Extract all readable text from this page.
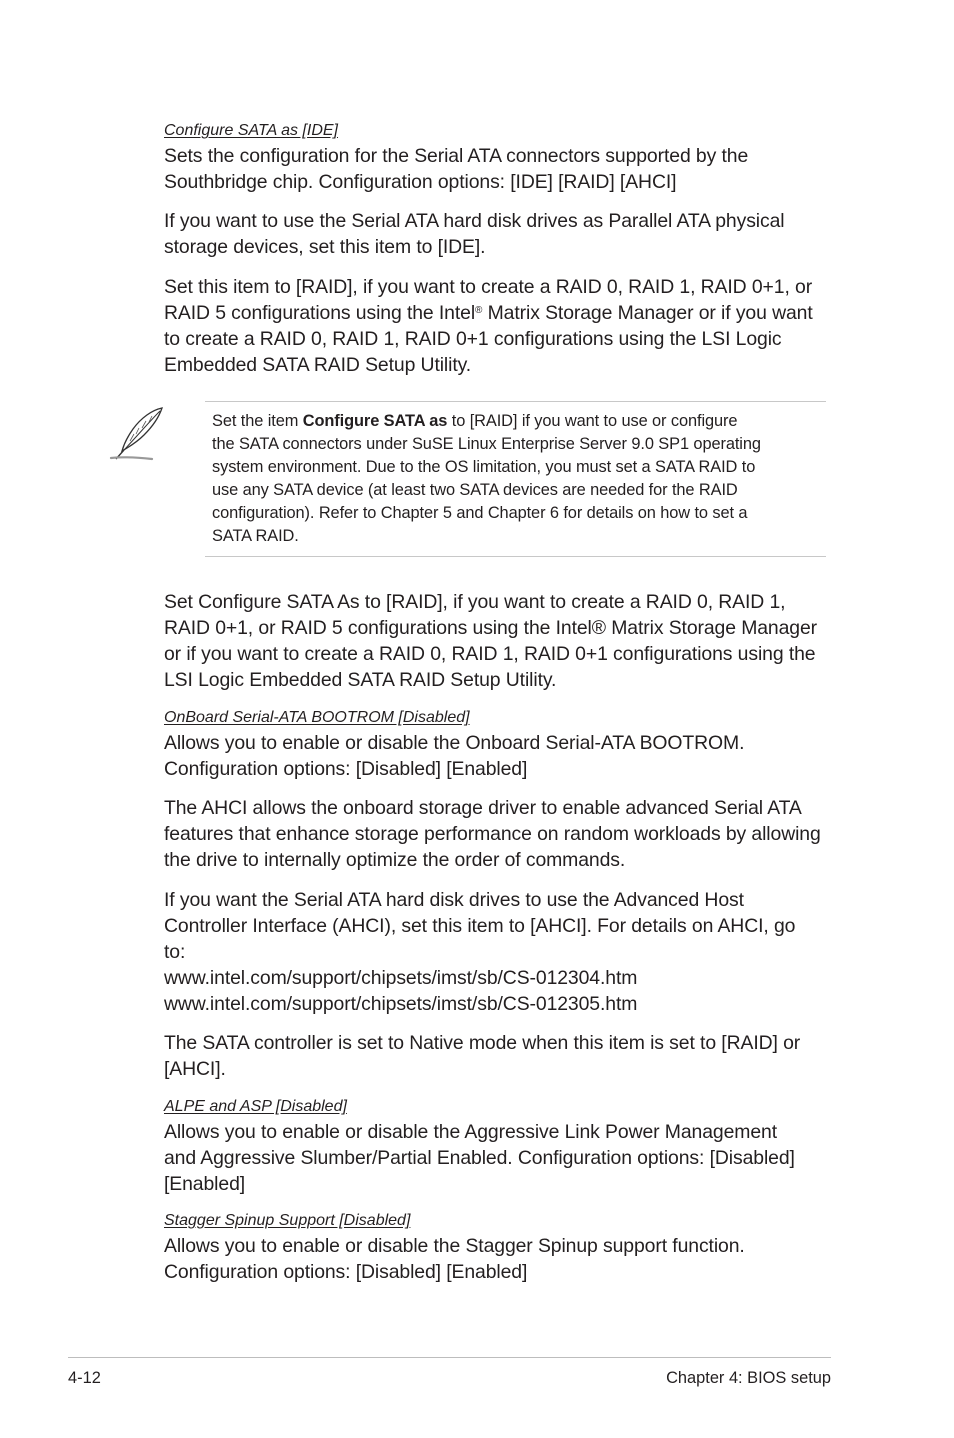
Configure SATA as [IDE]
Sets the configuration for the Serial ATA connectors supported by the
Southbridge chip. Configuration options: [IDE] [RAID] [AHCI]
If you want to use the Serial ATA hard disk drives as Parallel ATA physical
storage devices, set this item to [IDE].
Set this item to [RAID], if you want to create a RAID 0, RAID 1, RAID 0+1, or
RAID 5 configurations using the Intel® Matrix Storage Manager or if you want
to create a RAID 0, RAID 1, RAID 0+1 configurations using the LSI Logic
Embedded SATA RAID Setup Utility.
Set the item Configure SATA as to [RAID] if you want to use or configure
the SATA connectors under SuSE Linux Enterprise Server 9.0 SP1 operating
system environment. Due to the OS limitation, you must set a SATA RAID to
use any SATA device (at least two SATA devices are needed for the RAID
configuration). Refer to Chapter 5 and Chapter 6 for details on how to set a
SATA RAID.
Set Configure SATA As to [RAID], if you want to create a RAID 0, RAID 1,
RAID 0+1, or RAID 5 configurations using the Intel® Matrix Storage Manager
or if you want to create a RAID 0, RAID 1, RAID 0+1 configurations using the
LSI Logic Embedded SATA RAID Setup Utility.
OnBoard Serial-ATA BOOTROM [Disabled]
Allows you to enable or disable the Onboard Serial-ATA BOOTROM.
Configuration options: [Disabled] [Enabled]
The AHCI allows the onboard storage driver to enable advanced Serial ATA
features that enhance storage performance on random workloads by allowing
the drive to internally optimize the order of commands.
If you want the Serial ATA hard disk drives to use the Advanced Host
Controller Interface (AHCI), set this item to [AHCI]. For details on AHCI, go
to:
www.intel.com/support/chipsets/imst/sb/CS-012304.htm
www.intel.com/support/chipsets/imst/sb/CS-012305.htm
The SATA controller is set to Native mode when this item is set to [RAID] or
[AHCI].
ALPE and ASP [Disabled]
Allows you to enable or disable the Aggressive Link Power Management
and Aggressive Slumber/Partial Enabled. Configuration options: [Disabled]
[Enabled]
Stagger Spinup Support [Disabled]
Allows you to enable or disable the Stagger Spinup support function.
Configuration options: [Disabled] [Enabled]
4-12	Chapter 4: BIOS setup
